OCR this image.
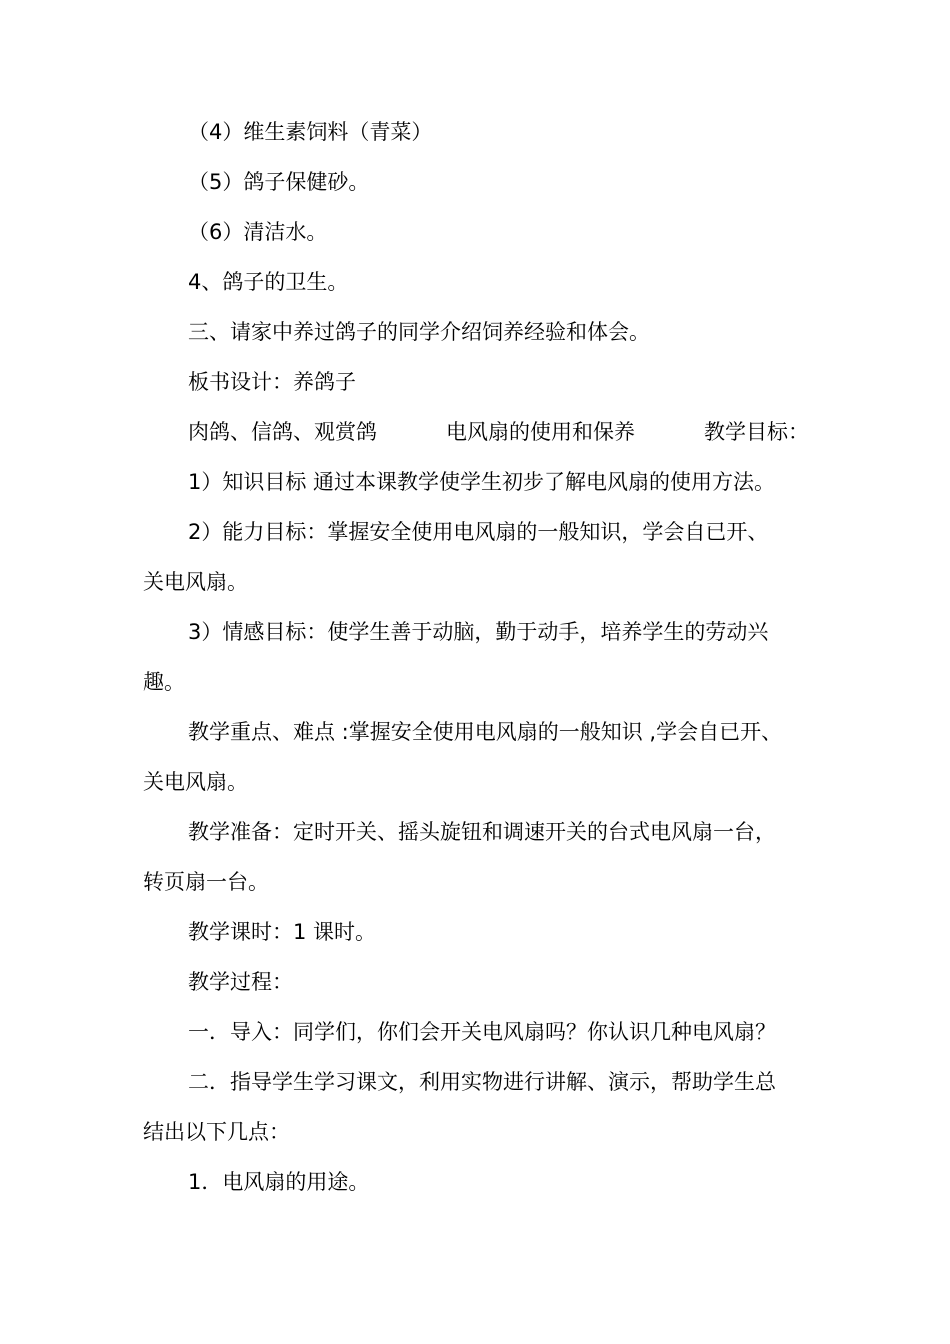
（4）维生素饲料（青菜）
（5）鸽子保健砂。
（6）清洁水。
4、鸽子的卫生。
三、请家中养过鸽子的同学介绍饲养经验和体会。
板书设计：养鸽子
肉鸽、信鸽、观赏鸽	电风扇的使用和保养	教学目标：
1）知识目标 通过本课教学使学生初步了解电风扇的使用方法。
2）能力目标：掌握安全使用电风扇的一般知识，学会自已开、
关电风扇。
3）情感目标：使学生善于动脑，勤于动手，培养学生的劳动兴
趣。
教学重点、难点 :掌握安全使用电风扇的一般知识 ,学会自已开、
关电风扇。
教学准备：定时开关、摇头旋钮和调速开关的台式电风扇一台，
转页扇一台。
教学课时：1 课时。
教学过程：
一．导入：同学们，你们会开关电风扇吗？你认识几种电风扇？
二．指导学生学习课文，利用实物进行讲解、演示，帮助学生总
结出以下几点：
1．电风扇的用途。
